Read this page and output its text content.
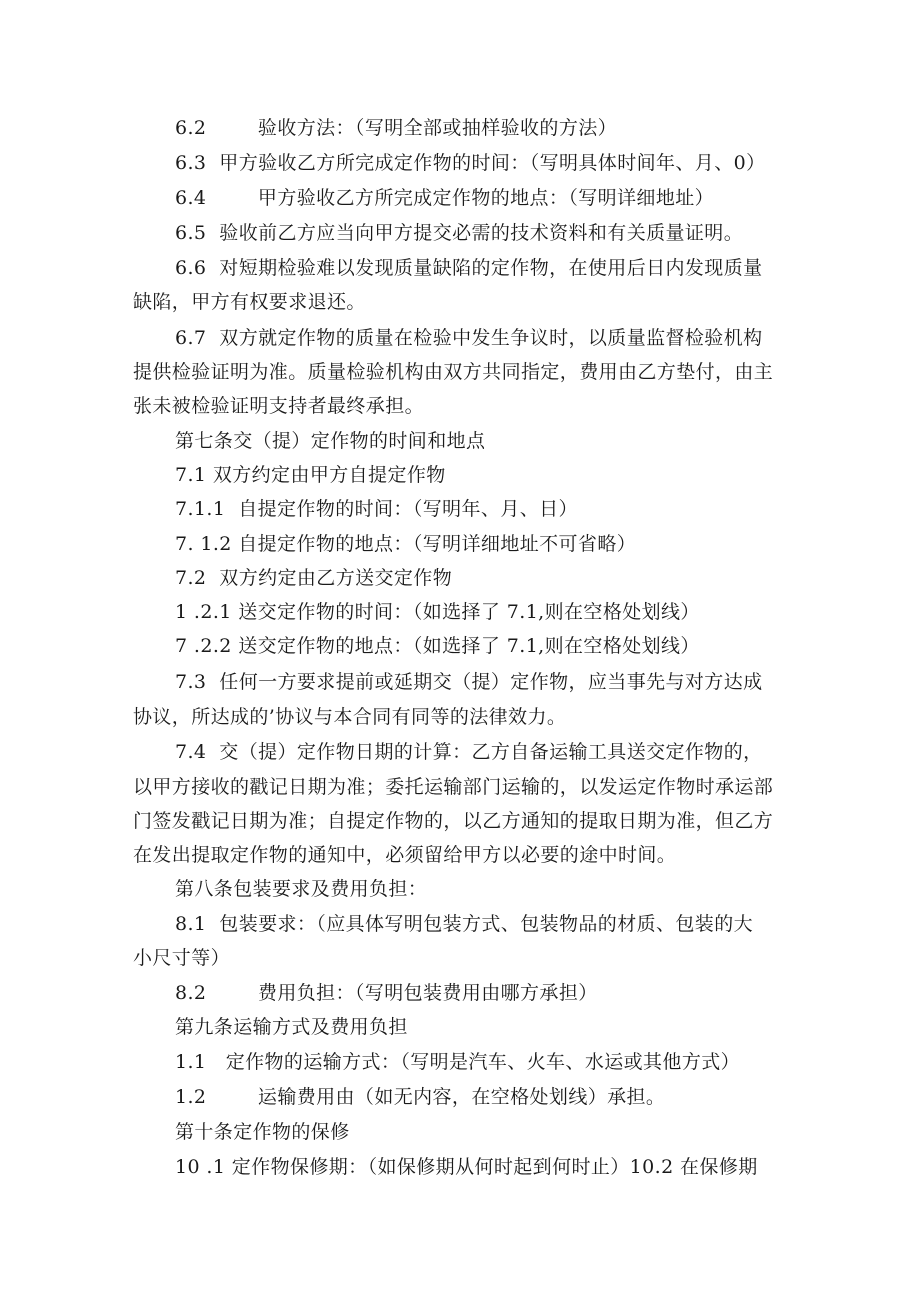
6.2        验收方法：（写明全部或抽样验收的方法）
6.3  甲方验收乙方所完成定作物的时间：（写明具体时间年、月、0）
6.4        甲方验收乙方所完成定作物的地点：（写明详细地址）
6.5  验收前乙方应当向甲方提交必需的技术资料和有关质量证明。
6.6  对短期检验难以发现质量缺陷的定作物，在使用后日内发现质量
缺陷，甲方有权要求退还。
6.7  双方就定作物的质量在检验中发生争议时，以质量监督检验机构
提供检验证明为准。质量检验机构由双方共同指定，费用由乙方垫付，由主
张未被检验证明支持者最终承担。
第七条交（提）定作物的时间和地点
7.1 双方约定由甲方自提定作物
7.1.1  自提定作物的时间：（写明年、月、日）
7. 1.2 自提定作物的地点：（写明详细地址不可省略）
7.2  双方约定由乙方送交定作物
1 .2.1 送交定作物的时间：（如选择了 7.1,则在空格处划线）
7 .2.2 送交定作物的地点：（如选择了 7.1,则在空格处划线）
7.3  任何一方要求提前或延期交（提）定作物，应当事先与对方达成
协议，所达成的’协议与本合同有同等的法律效力。
7.4  交（提）定作物日期的计算：乙方自备运输工具送交定作物的，
以甲方接收的戳记日期为准；委托运输部门运输的，以发运定作物时承运部
门签发戳记日期为准；自提定作物的，以乙方通知的提取日期为准，但乙方
在发出提取定作物的通知中，必须留给甲方以必要的途中时间。
第八条包装要求及费用负担：
8.1  包装要求：（应具体写明包装方式、包装物品的材质、包装的大
小尺寸等）
8.2        费用负担：（写明包装费用由哪方承担）
第九条运输方式及费用负担
1.1   定作物的运输方式：（写明是汽车、火车、水运或其他方式）
1.2        运输费用由（如无内容，在空格处划线）承担。
第十条定作物的保修
10 .1 定作物保修期：（如保修期从何时起到何时止）10.2 在保修期
